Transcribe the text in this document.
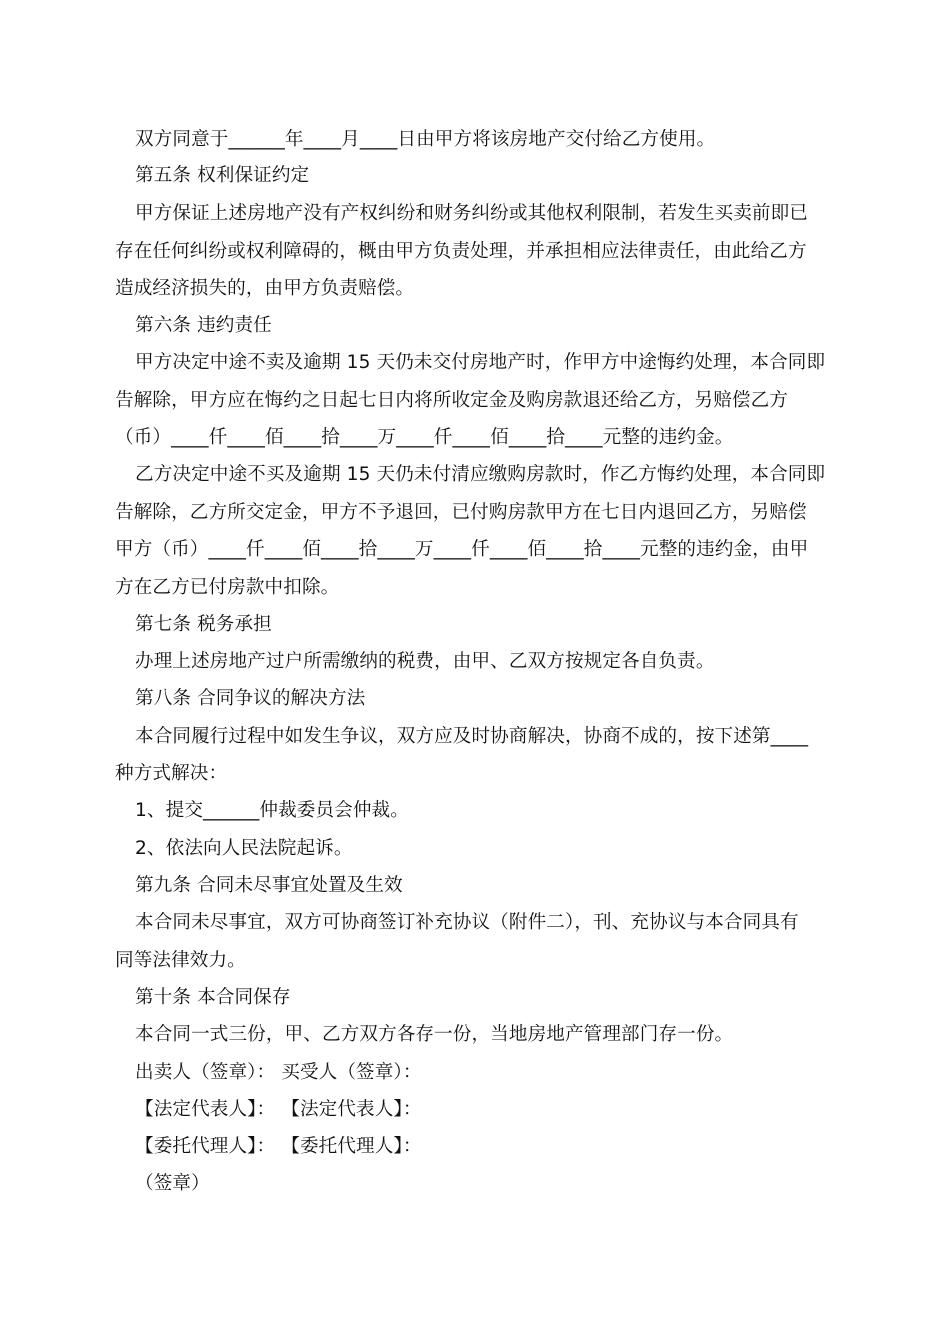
双方同意于______年____月____日由甲方将该房地产交付给乙方使用。
第五条 权利保证约定
甲方保证上述房地产没有产权纠纷和财务纠纷或其他权利限制，若发生买卖前即已
存在任何纠纷或权利障碍的，概由甲方负责处理，并承担相应法律责任，由此给乙方
造成经济损失的，由甲方负责赔偿。
第六条 违约责任
甲方决定中途不卖及逾期 15 天仍未交付房地产时，作甲方中途悔约处理，本合同即
告解除，甲方应在悔约之日起七日内将所收定金及购房款退还给乙方，另赔偿乙方
（币）____仟____佰____拾____万____仟____佰____拾____元整的违约金。
乙方决定中途不买及逾期 15 天仍未付清应缴购房款时，作乙方悔约处理，本合同即
告解除，乙方所交定金，甲方不予退回，已付购房款甲方在七日内退回乙方，另赔偿
甲方（币）____仟____佰____拾____万____仟____佰____拾____元整的违约金，由甲
方在乙方已付房款中扣除。
第七条 税务承担
办理上述房地产过户所需缴纳的税费，由甲、乙双方按规定各自负责。
第八条 合同争议的解决方法
本合同履行过程中如发生争议，双方应及时协商解决，协商不成的，按下述第____
种方式解决：
1、提交______仲裁委员会仲裁。
2、依法向人民法院起诉。
第九条 合同未尽事宜处置及生效
本合同未尽事宜，双方可协商签订补充协议（附件二），刊、充协议与本合同具有
同等法律效力。
第十条 本合同保存
本合同一式三份，甲、乙方双方各存一份，当地房地产管理部门存一份。
出卖人（签章）： 买受人（签章）：
【法定代表人】： 【法定代表人】：
【委托代理人】： 【委托代理人】：
（签章）
